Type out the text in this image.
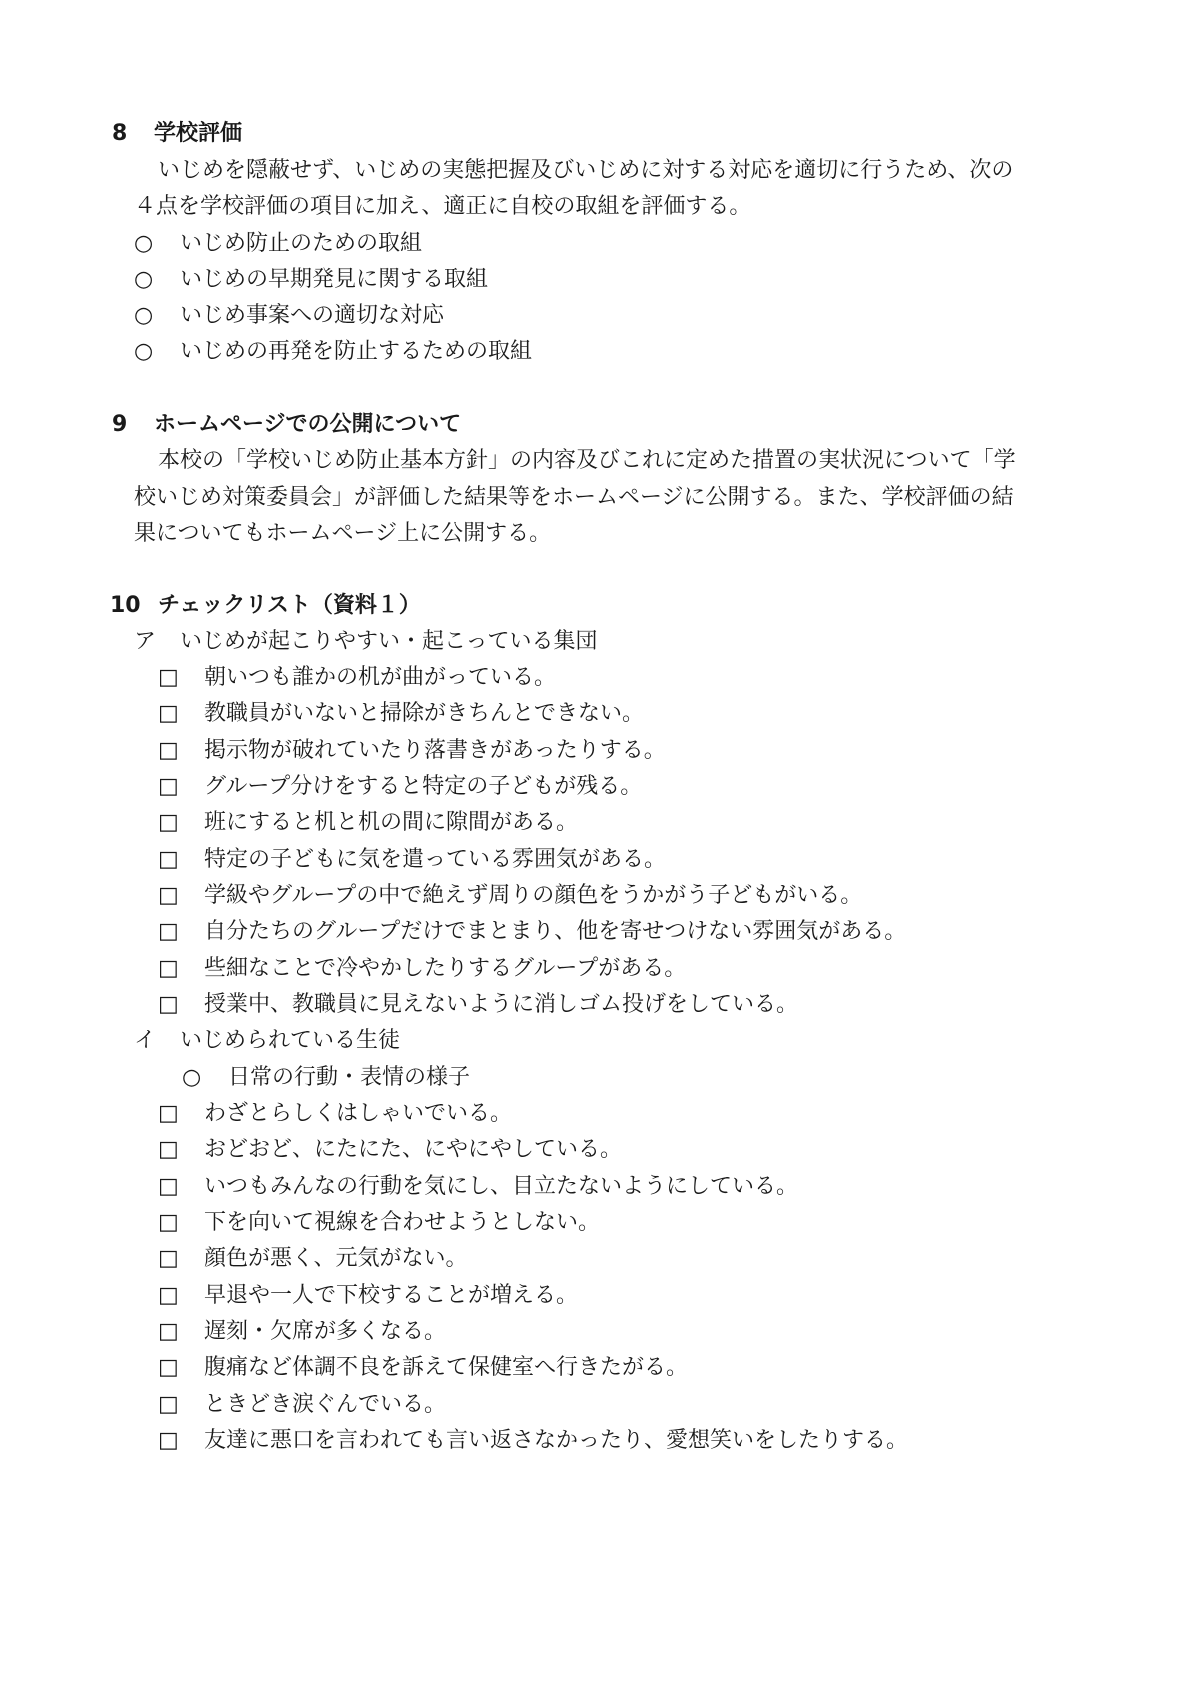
8 学校評価
いじめを隠蔽せず、いじめの実態把握及びいじめに対する対応を適切に行うため、次の
４点を学校評価の項目に加え、適正に自校の取組を評価する。
○ いじめ防止のための取組
○ いじめの早期発見に関する取組
○ いじめ事案への適切な対応
○ いじめの再発を防止するための取組
9 ホームページでの公開について
本校の「学校いじめ防止基本方針」の内容及びこれに定めた措置の実状況について「学
校いじめ対策委員会」が評価した結果等をホームページに公開する。また、学校評価の結
果についてもホームページ上に公開する。
10 チェックリスト（資料１）
ア いじめが起こりやすい・起こっている集団
□ 朝いつも誰かの机が曲がっている。
□ 教職員がいないと掃除がきちんとできない。
□ 掲示物が破れていたり落書きがあったりする。
□ グループ分けをすると特定の子どもが残る。
□ 班にすると机と机の間に隙間がある。
□ 特定の子どもに気を遣っている雰囲気がある。
□ 学級やグループの中で絶えず周りの顔色をうかがう子どもがいる。
□ 自分たちのグループだけでまとまり、他を寄せつけない雰囲気がある。
□ 些細なことで冷やかしたりするグループがある。
□ 授業中、教職員に見えないように消しゴム投げをしている。
イ いじめられている生徒
○ 日常の行動・表情の様子
□ わざとらしくはしゃいでいる。
□ おどおど、にたにた、にやにやしている。
□ いつもみんなの行動を気にし、目立たないようにしている。
□ 下を向いて視線を合わせようとしない。
□ 顔色が悪く、元気がない。
□ 早退や一人で下校することが増える。
□ 遅刻・欠席が多くなる。
□ 腹痛など体調不良を訴えて保健室へ行きたがる。
□ ときどき涙ぐんでいる。
□ 友達に悪口を言われても言い返さなかったり、愛想笑いをしたりする。
